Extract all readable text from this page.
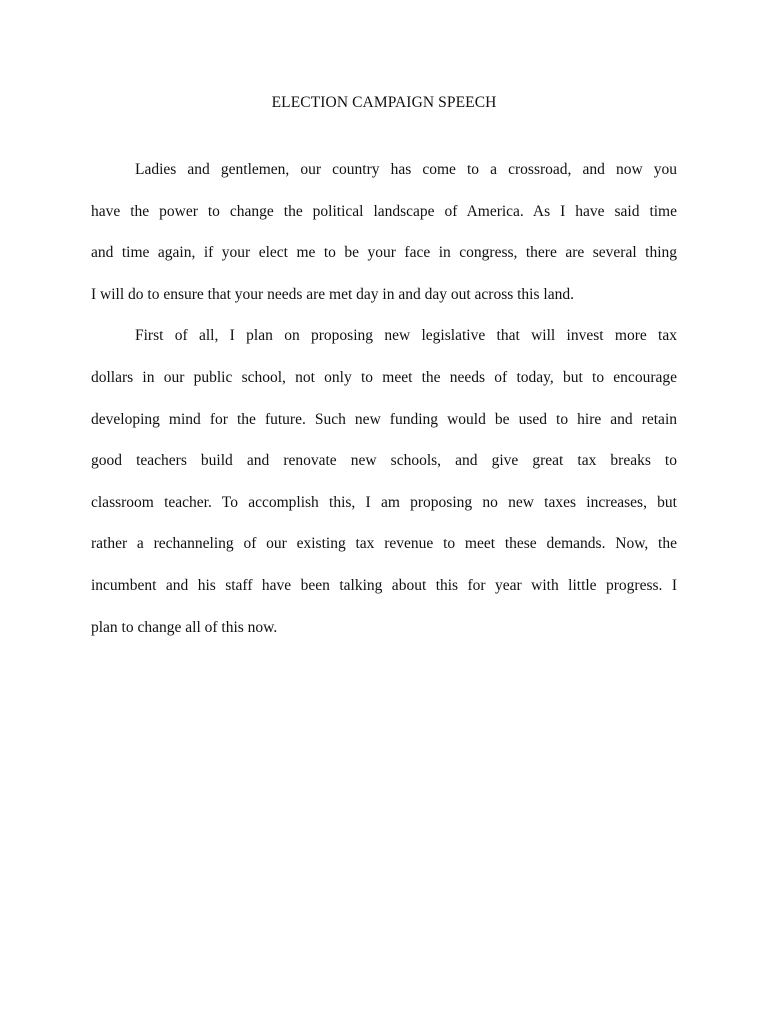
ELECTION CAMPAIGN SPEECH
Ladies and gentlemen, our country has come to a crossroad, and now you
have the power to change the political landscape of America. As I have said time
and time again, if your elect me to be your face in congress, there are several thing
I will do to ensure that your needs are met day in and day out across this land.
First of all, I plan on proposing new legislative that will invest more tax
dollars in our public school, not only to meet the needs of today, but to encourage
developing mind for the future. Such new funding would be used to hire and retain
good teachers build and renovate new schools, and give great tax breaks to
classroom teacher. To accomplish this, I am proposing no new taxes increases, but
rather a rechanneling of our existing tax revenue to meet these demands. Now, the
incumbent and his staff have been talking about this for year with little progress. I
plan to change all of this now.
